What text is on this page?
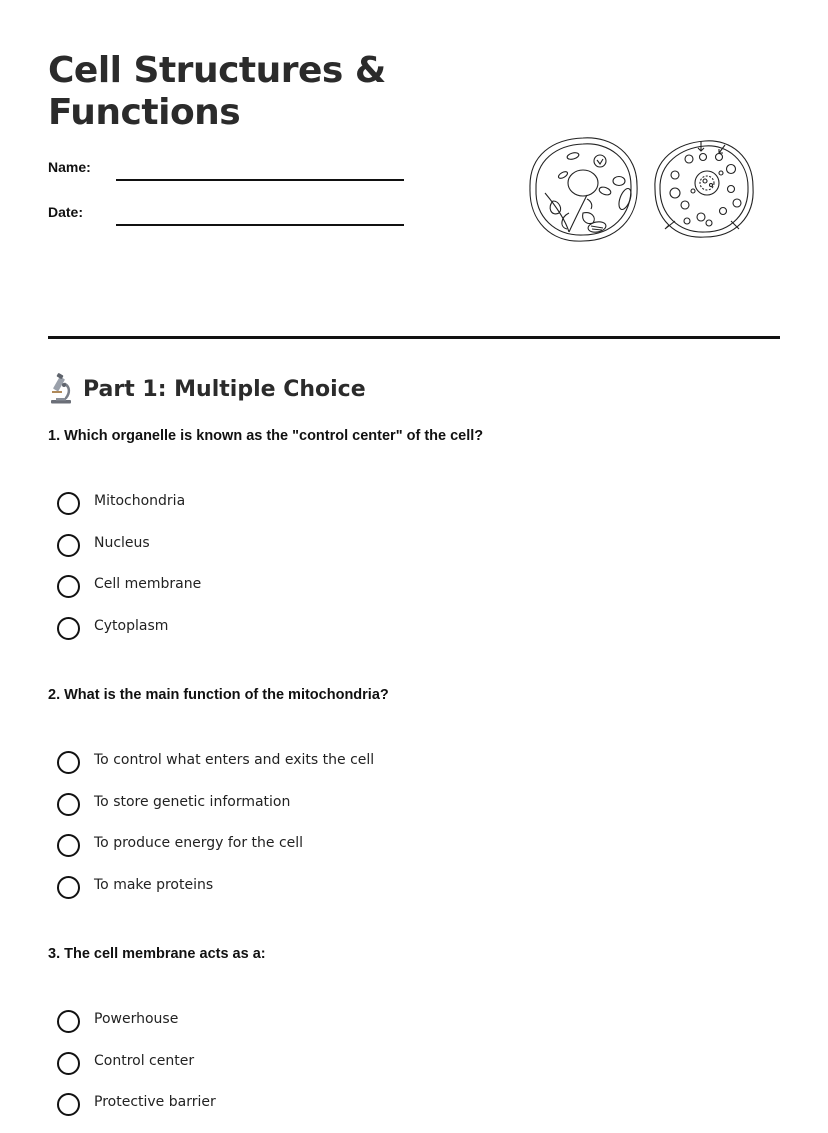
Cell Structures & Functions
Name:
Date:
Part 1: Multiple Choice

1. Which organelle is known as the "control center" of the cell?

Mitochondria
Nucleus
Cell membrane
Cytoplasm

2. What is the main function of the mitochondria?

To control what enters and exits the cell
To store genetic information
To produce energy for the cell
To make proteins

3. The cell membrane acts as a:

Powerhouse
Control center
Protective barrier
